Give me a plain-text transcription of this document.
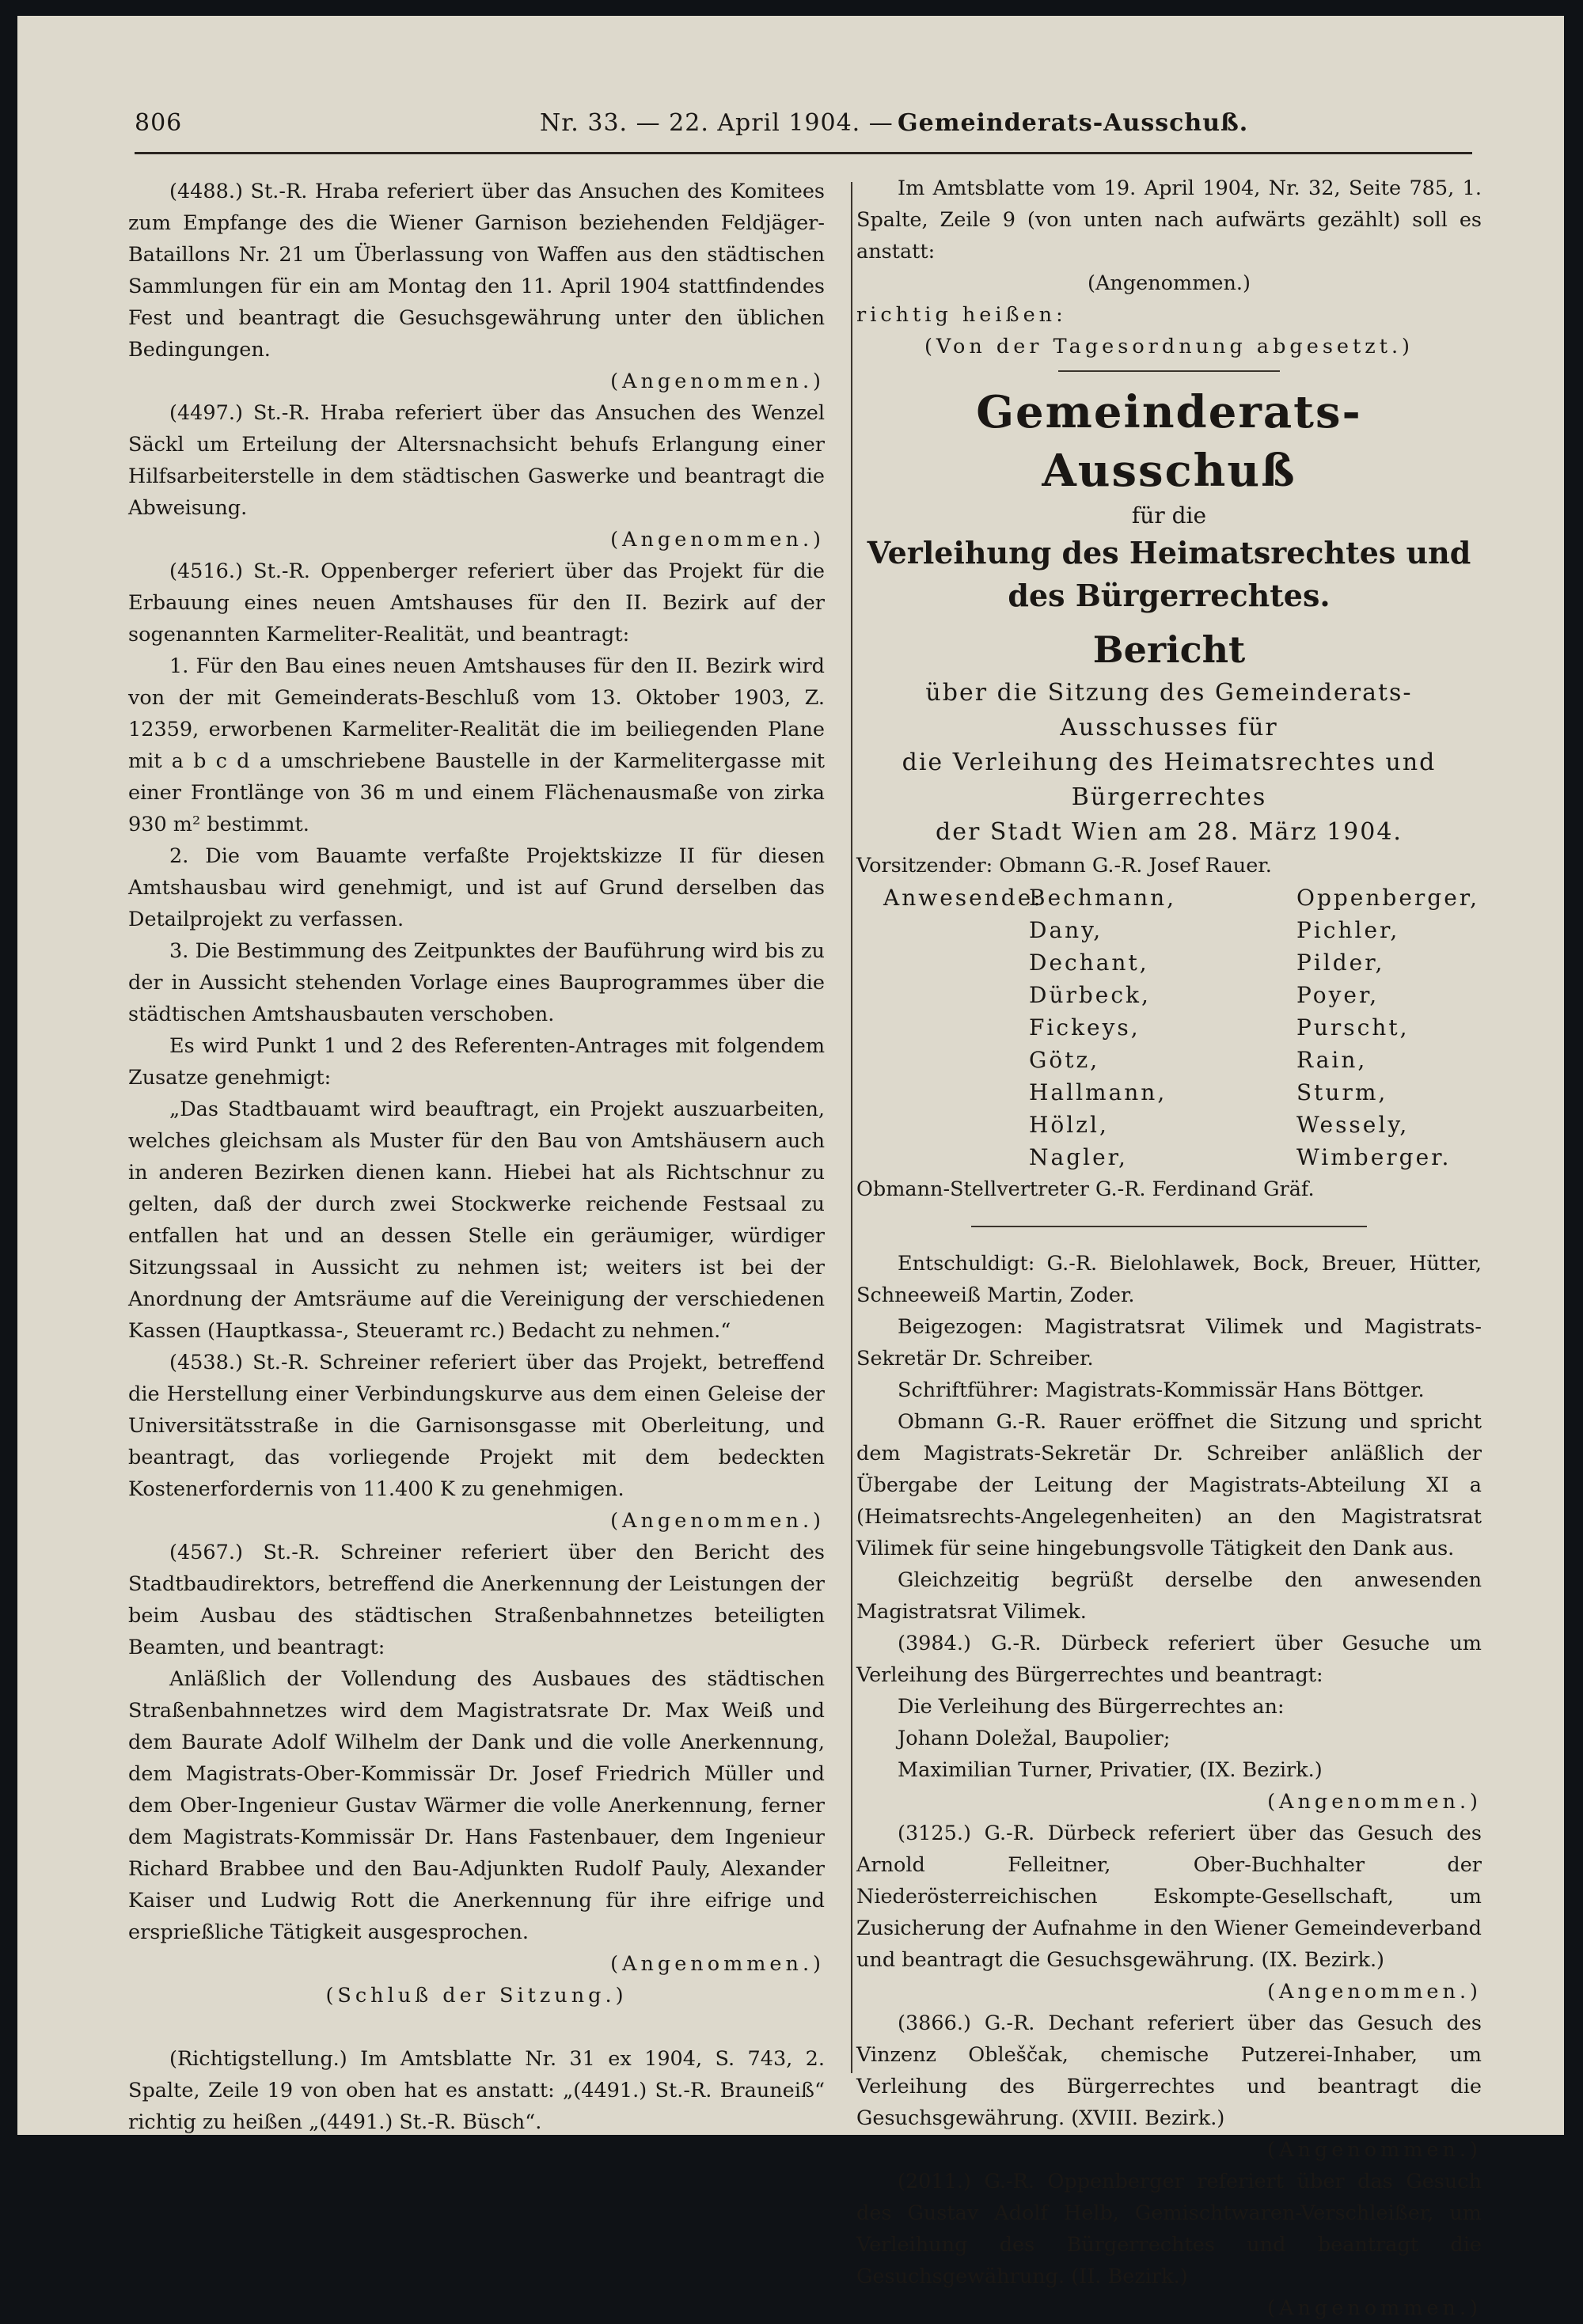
806	Nr. 33. — 22. April 1904. — Gemeinderats-Ausschuß.

(4488.) St.-R. Hraba referiert über das Ansuchen des Komitees zum Empfange des die Wiener Garnison beziehenden Feldjäger-Bataillons Nr. 21 um Überlassung von Waffen aus den städtischen Sammlungen für ein am Montag den 11. April 1904 stattfindendes Fest und beantragt die Gesuchsgewährung unter den üblichen Bedingungen.

(Angenommen.)

(4497.) St.-R. Hraba referiert über das Ansuchen des Wenzel Säckl um Erteilung der Altersnachsicht behufs Erlangung einer Hilfsarbeiterstelle in dem städtischen Gaswerke und beantragt die Abweisung.

(Angenommen.)

(4516.) St.-R. Oppenberger referiert über das Projekt für die Erbauung eines neuen Amtshauses für den II. Bezirk auf der sogenannten Karmeliter-Realität, und beantragt:

1. Für den Bau eines neuen Amtshauses für den II. Bezirk wird von der mit Gemeinderats-Beschluß vom 13. Oktober 1903, Z. 12359, erworbenen Karmeliter-Realität die im beiliegenden Plane mit a b c d a umschriebene Baustelle in der Karmelitergasse mit einer Frontlänge von 36 m und einem Flächenausmaße von zirka 930 m² bestimmt.

2. Die vom Bauamte verfaßte Projektskizze II für diesen Amtshausbau wird genehmigt, und ist auf Grund derselben das Detailprojekt zu verfassen.

3. Die Bestimmung des Zeitpunktes der Bauführung wird bis zu der in Aussicht stehenden Vorlage eines Bauprogrammes über die städtischen Amtshausbauten verschoben.

Es wird Punkt 1 und 2 des Referenten-Antrages mit folgendem Zusatze genehmigt:

„Das Stadtbauamt wird beauftragt, ein Projekt auszuarbeiten, welches gleichsam als Muster für den Bau von Amtshäusern auch in anderen Bezirken dienen kann. Hiebei hat als Richtschnur zu gelten, daß der durch zwei Stockwerke reichende Festsaal zu entfallen hat und an dessen Stelle ein geräumiger, würdiger Sitzungssaal in Aussicht zu nehmen ist; weiters ist bei der Anordnung der Amtsräume auf die Vereinigung der verschiedenen Kassen (Hauptkassa-, Steueramt rc.) Bedacht zu nehmen.“

(4538.) St.-R. Schreiner referiert über das Projekt, betreffend die Herstellung einer Verbindungskurve aus dem einen Geleise der Universitätsstraße in die Garnisonsgasse mit Oberleitung, und beantragt, das vorliegende Projekt mit dem bedeckten Kostenerfordernis von 11.400 K zu genehmigen.

(Angenommen.)

(4567.) St.-R. Schreiner referiert über den Bericht des Stadtbaudirektors, betreffend die Anerkennung der Leistungen der beim Ausbau des städtischen Straßenbahnnetzes beteiligten Beamten, und beantragt:

Anläßlich der Vollendung des Ausbaues des städtischen Straßenbahnnetzes wird dem Magistratsrate Dr. Max Weiß und dem Baurate Adolf Wilhelm der Dank und die volle Anerkennung, dem Magistrats-Ober-Kommissär Dr. Josef Friedrich Müller und dem Ober-Ingenieur Gustav Wärmer die volle Anerkennung, ferner dem Magistrats-Kommissär Dr. Hans Fastenbauer, dem Ingenieur Richard Brabbee und den Bau-Adjunkten Rudolf Pauly, Alexander Kaiser und Ludwig Rott die Anerkennung für ihre eifrige und ersprießliche Tätigkeit ausgesprochen.

(Angenommen.)

(Schluß der Sitzung.)

(Richtigstellung.) Im Amtsblatte Nr. 31 ex 1904, S. 743, 2. Spalte, Zeile 19 von oben hat es anstatt: „(4491.) St.-R. Brauneiß“ richtig zu heißen „(4491.) St.-R. Büsch“.

Im Amtsblatte vom 19. April 1904, Nr. 32, Seite 785, 1. Spalte, Zeile 9 (von unten nach aufwärts gezählt) soll es anstatt:

(Angenommen.)

richtig heißen:

(Von der Tagesordnung abgesetzt.)

Gemeinderats-Ausschuß
für die
Verleihung des Heimatsrechtes und des Bürgerrechtes.
Bericht
über die Sitzung des Gemeinderats-Ausschusses für
die Verleihung des Heimatsrechtes und Bürgerrechtes
der Stadt Wien am 28. März 1904.

Vorsitzender: Obmann G.-R. Josef Rauer.

Anwesende:
Bechmann,	Oppenberger,
Dany,	Pichler,
Dechant,	Pilder,
Dürbeck,	Poyer,
Fickeys,	Purscht,
Götz,	Rain,
Hallmann,	Sturm,
Hölzl,	Wessely,
Nagler,	Wimberger.

Obmann-Stellvertreter G.-R. Ferdinand Gräf.

Entschuldigt: G.-R. Bielohlawek, Bock, Breuer, Hütter, Schneeweiß Martin, Zoder.

Beigezogen: Magistratsrat Vilimek und Magistrats-Sekretär Dr. Schreiber.

Schriftführer: Magistrats-Kommissär Hans Böttger.

Obmann G.-R. Rauer eröffnet die Sitzung und spricht dem Magistrats-Sekretär Dr. Schreiber anläßlich der Übergabe der Leitung der Magistrats-Abteilung XI a (Heimatsrechts-Angelegenheiten) an den Magistratsrat Vilimek für seine hingebungsvolle Tätigkeit den Dank aus.

Gleichzeitig begrüßt derselbe den anwesenden Magistratsrat Vilimek.

(3984.) G.-R. Dürbeck referiert über Gesuche um Verleihung des Bürgerrechtes und beantragt:

Die Verleihung des Bürgerrechtes an:

Johann Doležal, Baupolier;

Maximilian Turner, Privatier, (IX. Bezirk.)

(Angenommen.)

(3125.) G.-R. Dürbeck referiert über das Gesuch des Arnold Felleitner, Ober-Buchhalter der Niederösterreichischen Eskompte-Gesellschaft, um Zusicherung der Aufnahme in den Wiener Gemeindeverband und beantragt die Gesuchsgewährung. (IX. Bezirk.)

(Angenommen.)

(3866.) G.-R. Dechant referiert über das Gesuch des Vinzenz Obleščak, chemische Putzerei-Inhaber, um Verleihung des Bürgerrechtes und beantragt die Gesuchsgewährung. (XVIII. Bezirk.)

(Angenommen.)

(2011.) G.-R. Oppenberger referiert über das Gesuch des Gustav Adolf Helb, Gemischtwaren-Verschleißer, um Verleihung des Bürgerrechtes und beantragt die Gesuchsgewährung. (II. Bezirk.)

(Angenommen.)
